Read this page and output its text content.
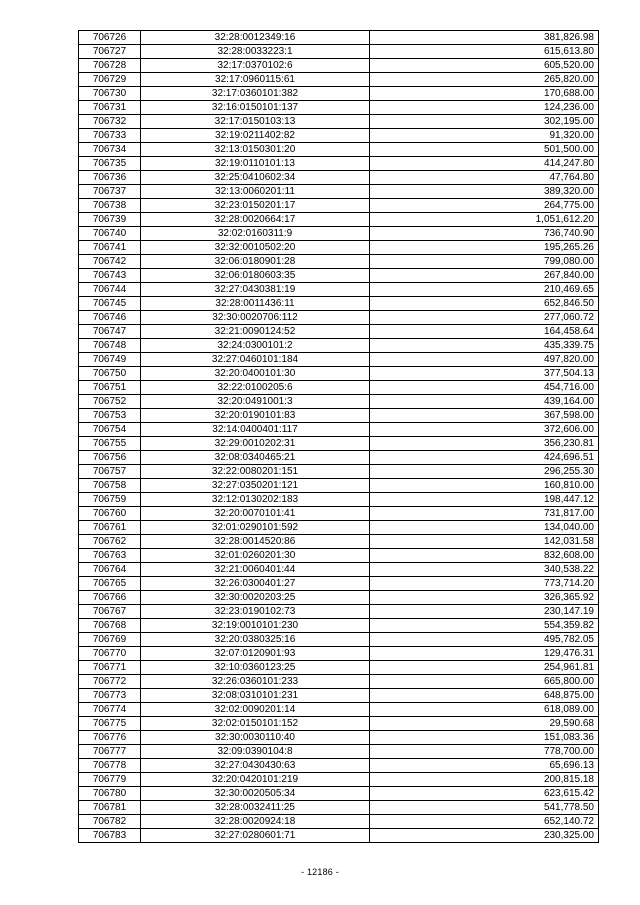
706726	32:28:0012349:16	381,826.98
706727	32:28:0033223:1	615,613.80
706728	32:17:0370102:6	605,520.00
706729	32:17:0960115:61	265,820.00
706730	32:17:0360101:382	170,688.00
706731	32:16:0150101:137	124,236.00
706732	32:17:0150103:13	302,195.00
706733	32:19:0211402:82	91,320.00
706734	32:13:0150301:20	501,500.00
706735	32:19:0110101:13	414,247.80
706736	32:25:0410602:34	47,764.80
706737	32:13:0060201:11	389,320.00
706738	32:23:0150201:17	264,775.00
706739	32:28:0020664:17	1,051,612.20
706740	32:02:0160311:9	736,740.90
706741	32:32:0010502:20	195,265.26
706742	32:06:0180901:28	799,080.00
706743	32:06:0180603:35	267,840.00
706744	32:27:0430381:19	210,469.65
706745	32:28:0011436:11	652,846.50
706746	32:30:0020706:112	277,060.72
706747	32:21:0090124:52	164,458.64
706748	32:24:0300101:2	435,339.75
706749	32:27:0460101:184	497,820.00
706750	32:20:0400101:30	377,504.13
706751	32:22:0100205:6	454,716.00
706752	32:20:0491001:3	439,164.00
706753	32:20:0190101:83	367,598.00
706754	32:14:0400401:117	372,606.00
706755	32:29:0010202:31	356,230.81
706756	32:08:0340465:21	424,696.51
706757	32:22:0080201:151	296,255.30
706758	32:27:0350201:121	160,810.00
706759	32:12:0130202:183	198,447.12
706760	32:20:0070101:41	731,817.00
706761	32:01:0290101:592	134,040.00
706762	32:28:0014520:86	142,031.58
706763	32:01:0260201:30	832,608.00
706764	32:21:0060401:44	340,538.22
706765	32:26:0300401:27	773,714.20
706766	32:30:0020203:25	326,365.92
706767	32:23:0190102:73	230,147.19
706768	32:19:0010101:230	554,359.82
706769	32:20:0380325:16	495,782.05
706770	32:07:0120901:93	129,476.31
706771	32:10:0360123:25	254,961.81
706772	32:26:0360101:233	665,800.00
706773	32:08:0310101:231	648,875.00
706774	32:02:0090201:14	618,089.00
706775	32:02:0150101:152	29,590.68
706776	32:30:0030110:40	151,083.36
706777	32:09:0390104:8	778,700.00
706778	32:27:0430430:63	65,696.13
706779	32:20:0420101:219	200,815.18
706780	32:30:0020505:34	623,615.42
706781	32:28:0032411:25	541,778.50
706782	32:28:0020924:18	652,140.72
706783	32:27:0280601:71	230,325.00
- 12186 -
